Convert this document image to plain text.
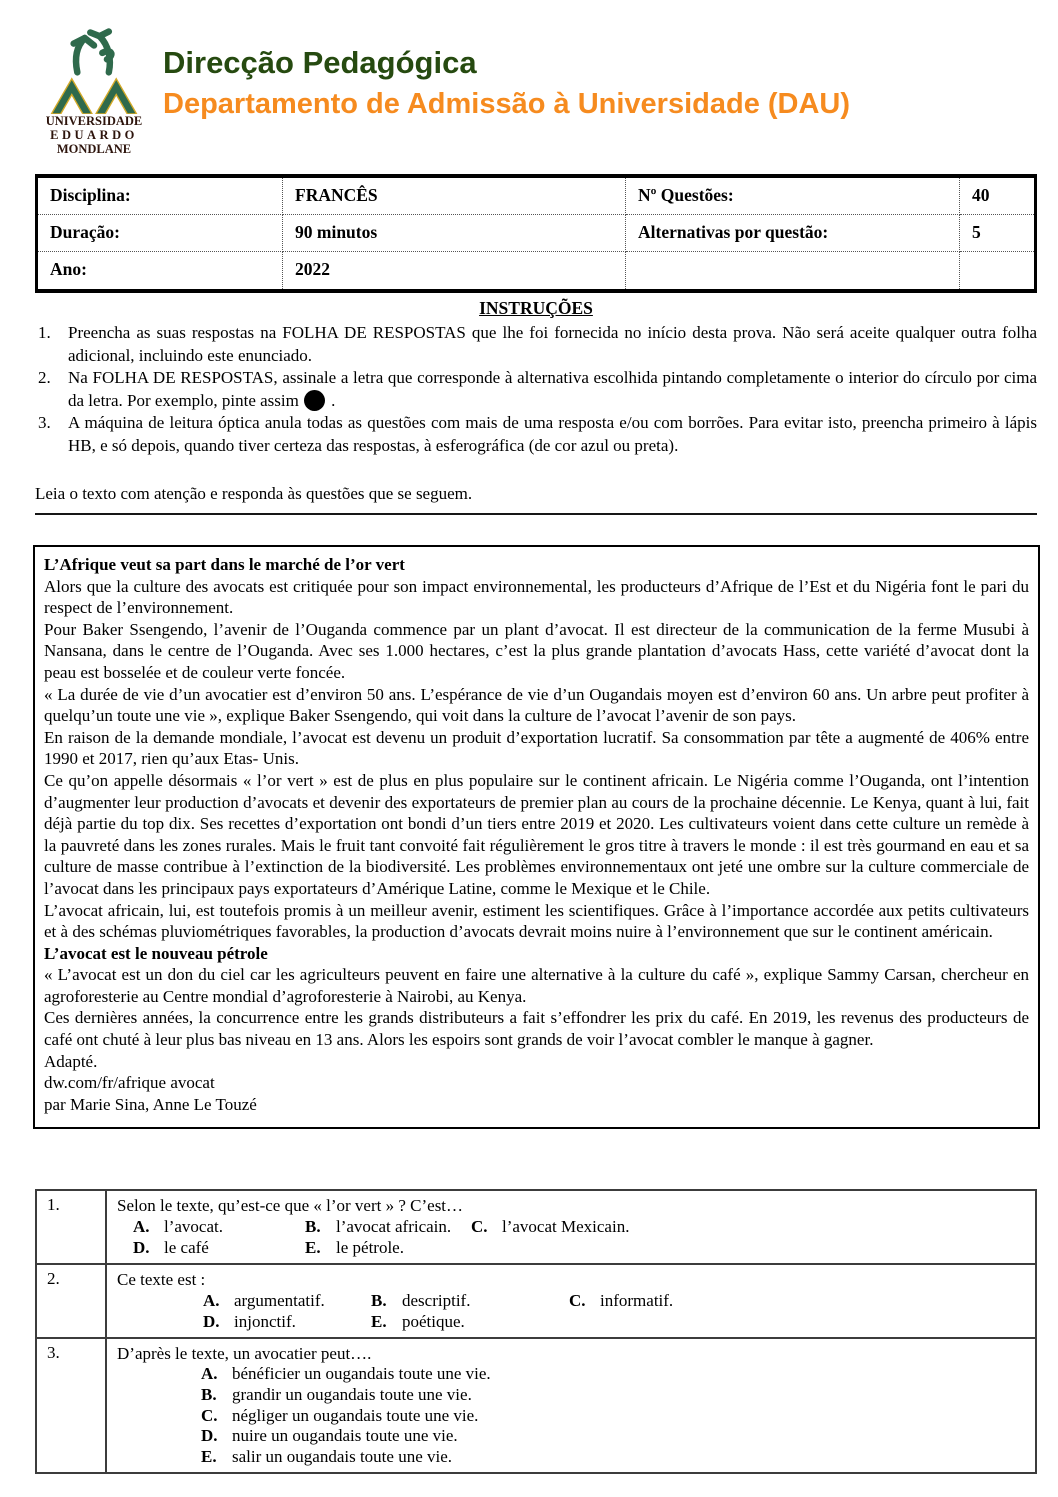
UNIVERSIDADE
EDUARDO
MONDLANE
Direcção Pedagógica
Departamento de Admissão à Universidade (DAU)
Disciplina:	FRANCÊS	Nº Questões:	40
Duração:	90 minutos	Alternativas por questão:	5
Ano:	2022
INSTRUÇÕES
1.	Preencha as suas respostas na FOLHA DE RESPOSTAS que lhe foi fornecida no início desta prova. Não será aceite qualquer outra folha adicional, incluindo este enunciado.
2.	Na FOLHA DE RESPOSTAS, assinale a letra que corresponde à alternativa escolhida pintando completamente o interior do círculo por cima da letra. Por exemplo, pinte assim .
3.	A máquina de leitura óptica anula todas as questões com mais de uma resposta e/ou com borrões. Para evitar isto, preencha primeiro à lápis HB, e só depois, quando tiver certeza das respostas, à esferográfica (de cor azul ou preta).
Leia o texto com atenção e responda às questões que se seguem.

L’Afrique veut sa part dans le marché de l’or vert

Alors que la culture des avocats est critiquée pour son impact environnemental, les producteurs d’Afrique de l’Est et du Nigéria font le pari du respect de l’environnement.

Pour Baker Ssengendo, l’avenir de l’Ouganda commence par un plant d’avocat. Il est directeur de la communication de la ferme Musubi à Nansana, dans le centre de l’Ouganda. Avec ses 1.000 hectares, c’est la plus grande plantation d’avocats Hass, cette variété d’avocat dont la peau est bosselée et de couleur verte foncée.

« La durée de vie d’un avocatier est d’environ 50 ans. L’espérance de vie d’un Ougandais moyen est d’environ 60 ans. Un arbre peut profiter à quelqu’un toute une vie », explique Baker Ssengendo, qui voit dans la culture de l’avocat l’avenir de son pays.

En raison de la demande mondiale, l’avocat est devenu un produit d’exportation lucratif. Sa consommation par tête a augmenté de 406% entre 1990 et 2017, rien qu’aux Etas- Unis.

Ce qu’on appelle désormais « l’or vert » est de plus en plus populaire sur le continent africain. Le Nigéria comme l’Ouganda, ont l’intention d’augmenter leur production d’avocats et devenir des exportateurs de premier plan au cours de la prochaine décennie. Le Kenya, quant à lui, fait déjà partie du top dix. Ses recettes d’exportation ont bondi d’un tiers entre 2019 et 2020. Les cultivateurs voient dans cette culture un remède à la pauvreté dans les zones rurales. Mais le fruit tant convoité fait régulièrement le gros titre à travers le monde : il est très gourmand en eau et sa culture de masse contribue à l’extinction de la biodiversité. Les problèmes environnementaux ont jeté une ombre sur la culture commerciale de l’avocat dans les principaux pays exportateurs d’Amérique Latine, comme le Mexique et le Chile.

L’avocat africain, lui, est toutefois promis à un meilleur avenir, estiment les scientifiques. Grâce à l’importance accordée aux petits cultivateurs et à des schémas pluviométriques favorables, la production d’avocats devrait moins nuire à l’environnement que sur le continent américain.

L’avocat est le nouveau pétrole

« L’avocat est un don du ciel car les agriculteurs peuvent en faire une alternative à la culture du café », explique Sammy Carsan, chercheur en agroforesterie au Centre mondial d’agroforesterie à Nairobi, au Kenya.

Ces dernières années, la concurrence entre les grands distributeurs a fait s’effondrer les prix du café. En 2019, les revenus des producteurs de café ont chuté à leur plus bas niveau en 13 ans. Alors les espoirs sont grands de voir l’avocat combler le manque à gagner.

Adapté.

dw.com/fr/afrique avocat

par Marie Sina, Anne Le Touzé

1.	Selon le texte, qu’est-ce que « l’or vert » ? C’est…
A. l’avocat.	B. l’avocat africain. C. l’avocat Mexicain.
D. le café	E. le pétrole.
2.	Ce texte est :
A. argumentatif.	B. descriptif.	C. informatif.
D. injonctif.	E. poétique.
3.	D’après le texte, un avocatier peut….
A. bénéficier un ougandais toute une vie.
B. grandir un ougandais toute une vie.
C. négliger un ougandais toute une vie.
D. nuire un ougandais toute une vie.
E. salir un ougandais toute une vie.
